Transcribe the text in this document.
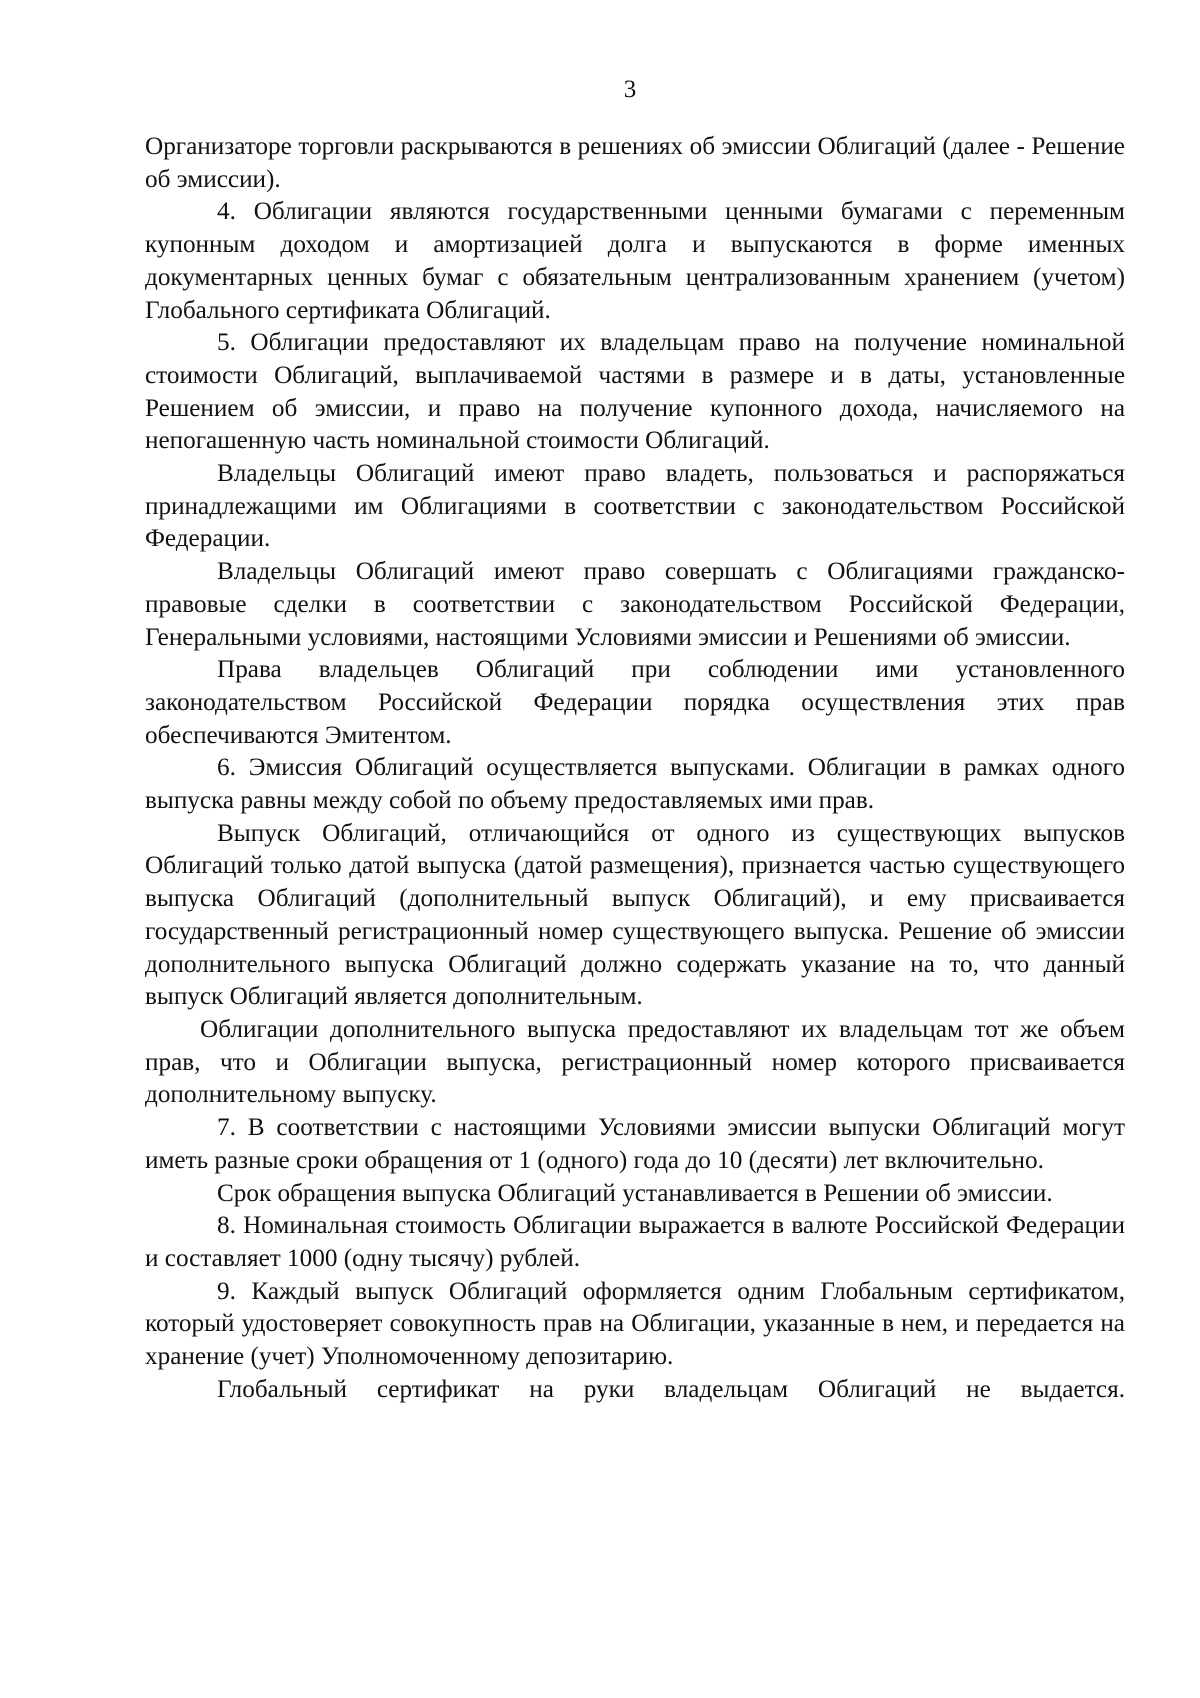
3

Организаторе торговли раскрываются в решениях об эмиссии Облигаций (далее - Решение об эмиссии).

4. Облигации являются государственными ценными бумагами с переменным купонным доходом и амортизацией долга и выпускаются в форме именных документарных ценных бумаг с обязательным централизованным хранением (учетом) Глобального сертификата Облигаций.

5. Облигации предоставляют их владельцам право на получение номинальной стоимости Облигаций, выплачиваемой частями в размере и в даты, установленные Решением об эмиссии, и право на получение купонного дохода, начисляемого на непогашенную часть номинальной стоимости Облигаций.

Владельцы Облигаций имеют право владеть, пользоваться и распоряжаться принадлежащими им Облигациями в соответствии с законодательством Российской Федерации.

Владельцы Облигаций имеют право совершать с Облигациями гражданско-правовые сделки в соответствии с законодательством Российской Федерации, Генеральными условиями, настоящими Условиями эмиссии и Решениями об эмиссии.

Права владельцев Облигаций при соблюдении ими установленного законодательством Российской Федерации порядка осуществления этих прав обеспечиваются Эмитентом.

6. Эмиссия Облигаций осуществляется выпусками. Облигации в рамках одного выпуска равны между собой по объему предоставляемых ими прав.

Выпуск Облигаций, отличающийся от одного из существующих выпусков Облигаций только датой выпуска (датой размещения), признается частью существующего выпуска Облигаций (дополнительный выпуск Облигаций), и ему присваивается государственный регистрационный номер существующего выпуска. Решение об эмиссии дополнительного выпуска Облигаций должно содержать указание на то, что данный выпуск Облигаций является дополнительным.

Облигации дополнительного выпуска предоставляют их владельцам тот же объем прав, что и Облигации выпуска, регистрационный номер которого присваивается дополнительному выпуску.

7. В соответствии с настоящими Условиями эмиссии выпуски Облигаций могут иметь разные сроки обращения от 1 (одного) года до 10 (десяти) лет включительно.

Срок обращения выпуска Облигаций устанавливается в Решении об эмиссии.

8. Номинальная стоимость Облигации выражается в валюте Российской Федерации и составляет 1000 (одну тысячу) рублей.

9. Каждый выпуск Облигаций оформляется одним Глобальным сертификатом, который удостоверяет совокупность прав на Облигации, указанные в нем, и передается на хранение (учет) Уполномоченному депозитарию.

Глобальный сертификат на руки владельцам Облигаций не выдается.
